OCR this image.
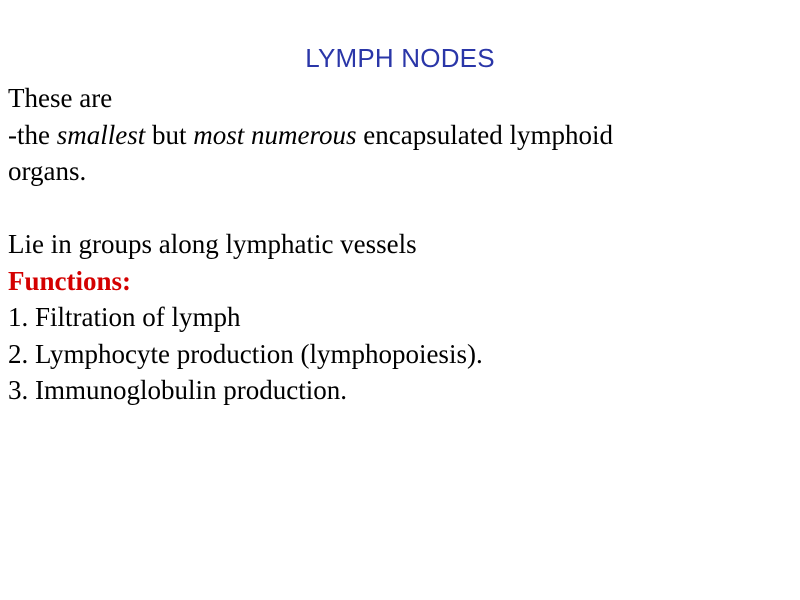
LYMPH NODES
These are
-the smallest but most numerous encapsulated lymphoid
organs.
Lie in groups along lymphatic vessels
Functions:
1. Filtration of lymph
2. Lymphocyte production (lymphopoiesis).
3. Immunoglobulin production.
